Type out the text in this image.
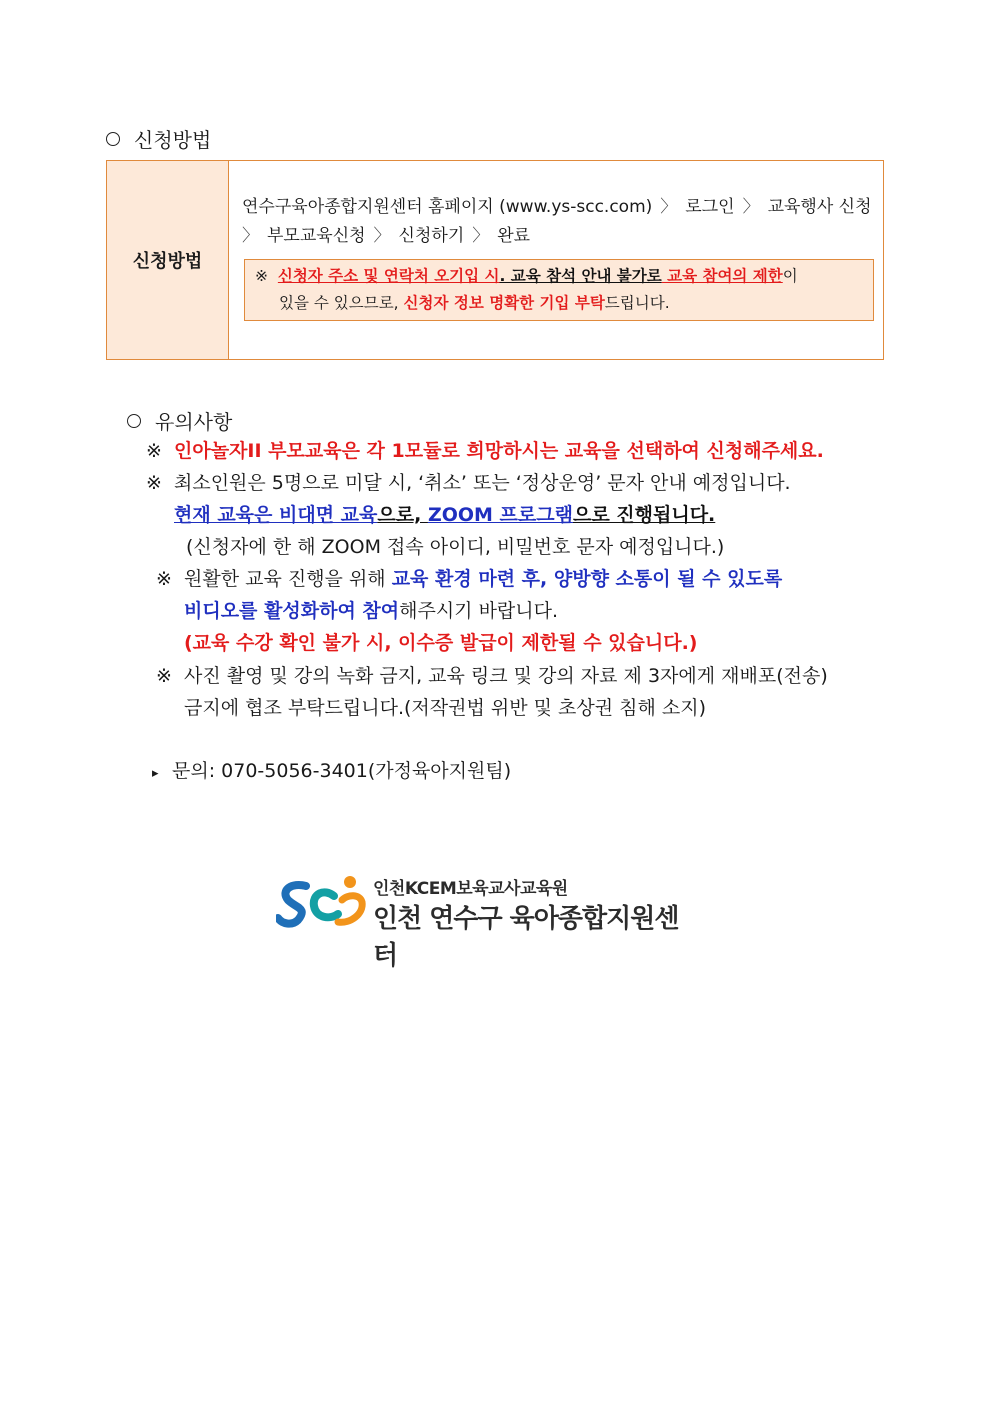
신청방법
신청방법
연수구육아종합지원센터 홈페이지 (www.ys-scc.com) 〉 로그인 〉 교육행사 신청
〉 부모교육신청 〉 신청하기 〉 완료
※ 신청자 주소 및 연락처 오기입 시. 교육 참석 안내 불가로 교육 참여의 제한이
있을 수 있으므로, 신청자 정보 명확한 기입 부탁드립니다.
유의사항
※ 인아놀자II 부모교육은 각 1모듈로 희망하시는 교육을 선택하여 신청해주세요.
※ 최소인원은 5명으로 미달 시, ‘취소’ 또는 ‘정상운영’ 문자 안내 예정입니다.
현재 교육은 비대면 교육으로, ZOOM 프로그램으로 진행됩니다.
(신청자에 한 해 ZOOM 접속 아이디, 비밀번호 문자 예정입니다.)
※ 원활한 교육 진행을 위해 교육 환경 마련 후, 양방향 소통이 될 수 있도록
비디오를 활성화하여 참여해주시기 바랍니다.
(교육 수강 확인 불가 시, 이수증 발급이 제한될 수 있습니다.)
※ 사진 촬영 및 강의 녹화 금지, 교육 링크 및 강의 자료 제 3자에게 재배포(전송)
금지에 협조 부탁드립니다.(저작권법 위반 및 초상권 침해 소지)
▸ 문의: 070-5056-3401(가정육아지원팀)
인천KCEM보육교사교육원
인천 연수구 육아종합지원센터
